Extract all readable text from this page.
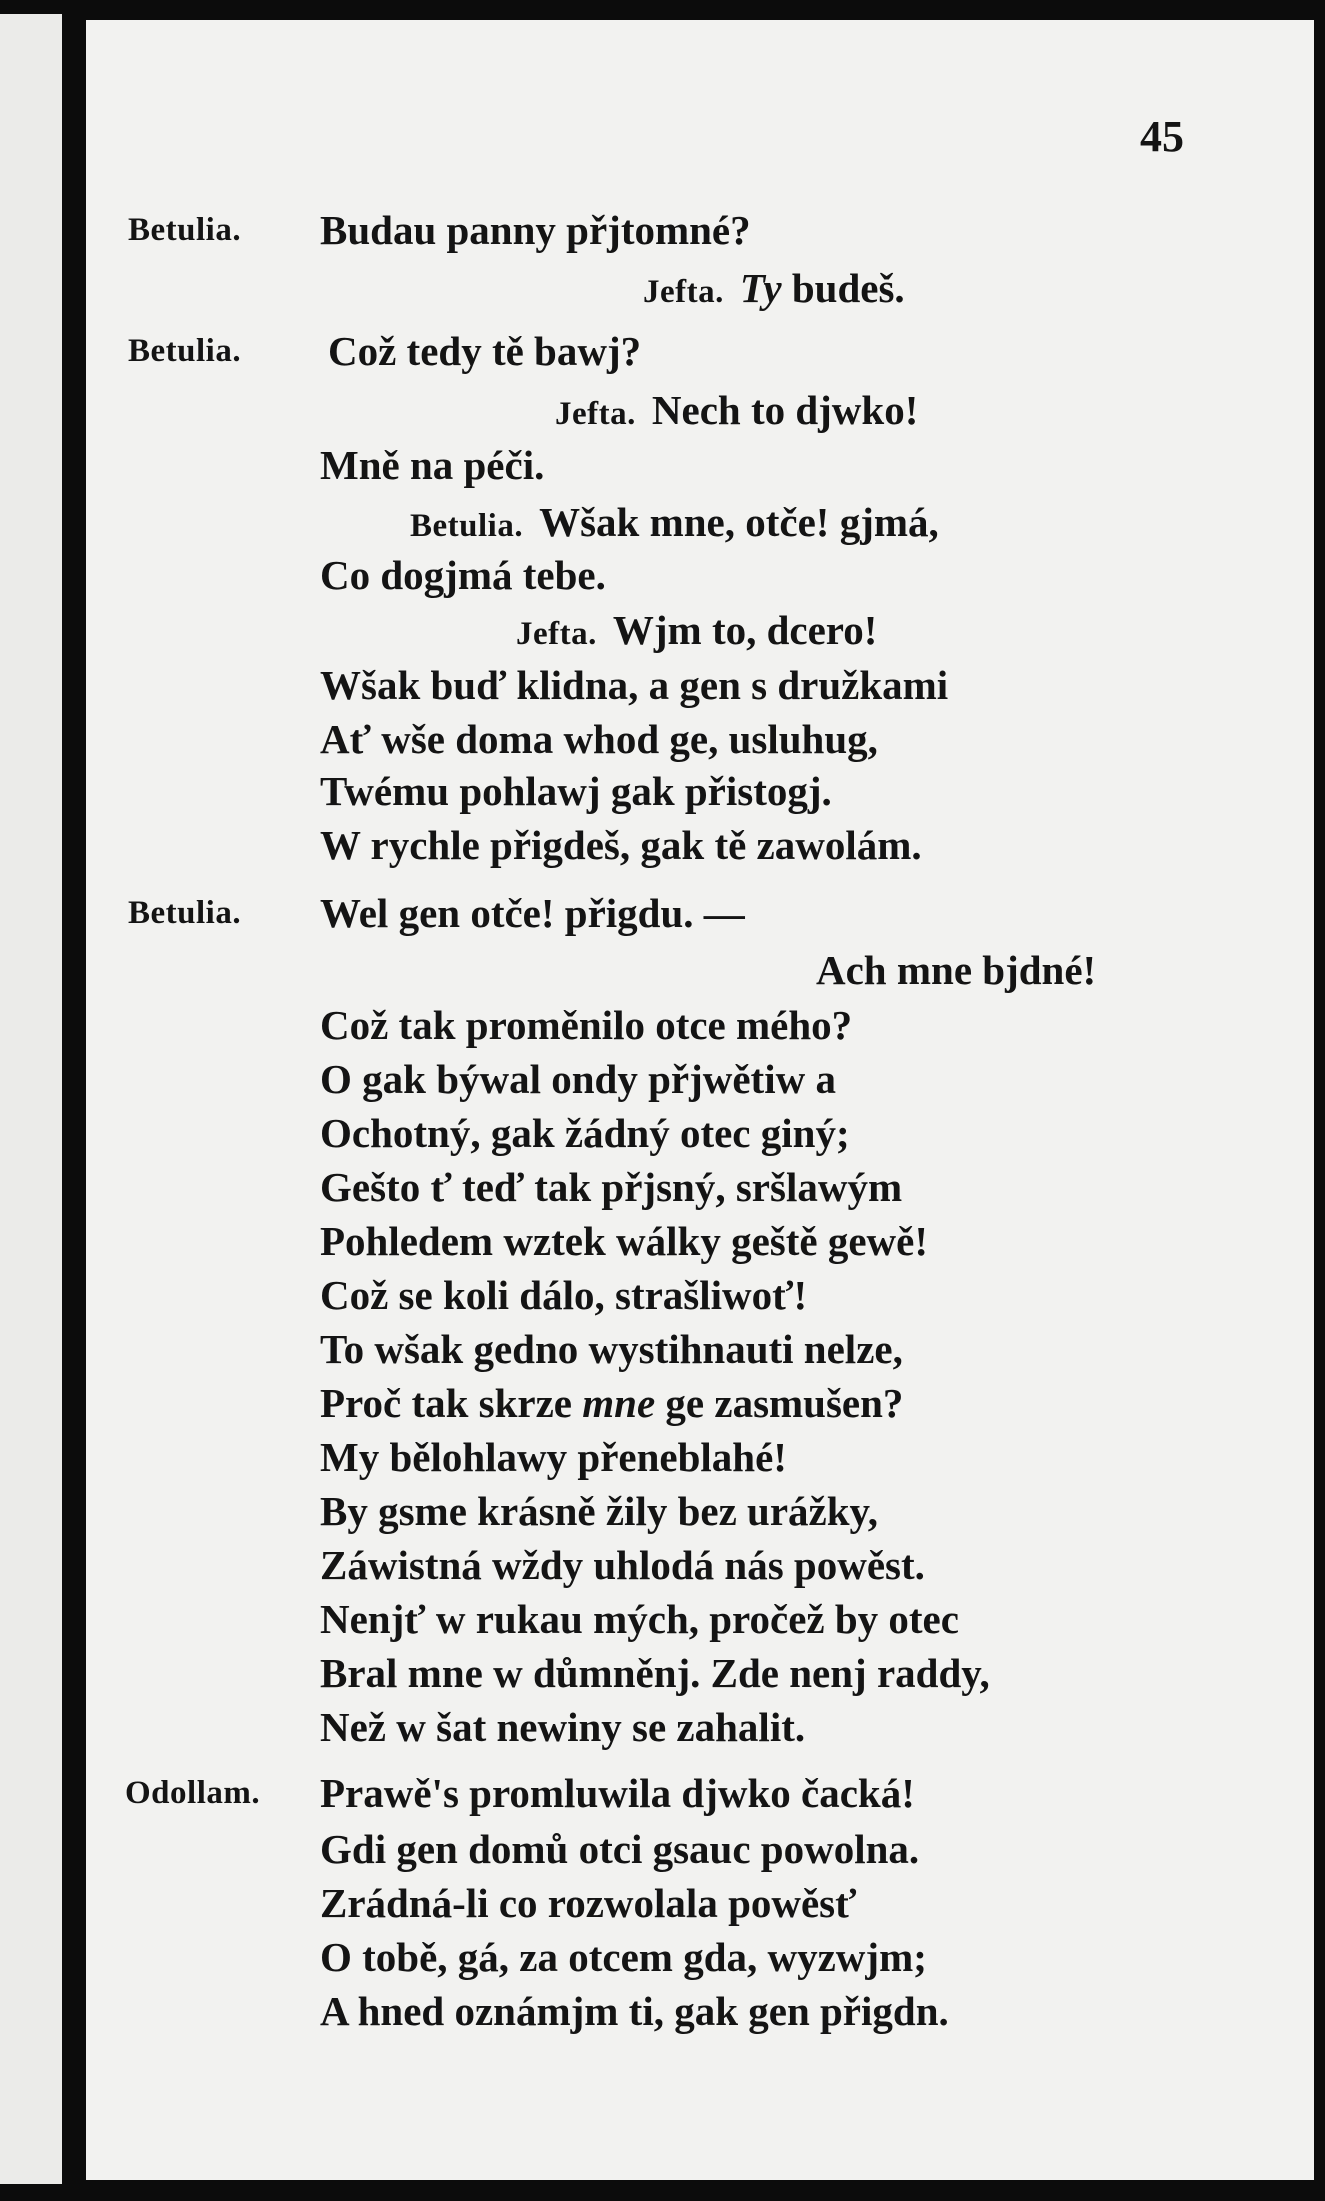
45
Betulia. Budau panny přjtomné?
Jefta. Ty budeš.
Betulia. Což tedy tě bawj?
Jefta. Nech to djwko!
Mně na péči.
Betulia. Wšak mne, otče! gjmá,
Co dogjmá tebe.
Jefta. Wjm to, dcero!
Wšak buď klidna, a gen s družkami
Ať wše doma whod ge, usluhug,
Twému pohlawj gak přistogj.
W rychle přigdeš, gak tě zawolám.
Betulia. Wel gen otče! přigdu. —
Ach mne bjdné!
Což tak proměnilo otce mého?
O gak býwal ondy přjwětiw a
Ochotný, gak žádný otec giný;
Gešto ť teď tak přjsný, sršlawým
Pohledem wztek wálky geště gewě!
Což se koli dálo, strašliwoť!
To wšak gedno wystihnauti nelze,
Proč tak skrze mne ge zasmušen?
My bělohlawy přeneblahé!
By gsme krásně žily bez urážky,
Záwistná wždy uhlodá nás powěst.
Nenjť w rukau mých, pročež by otec
Bral mne w důmněnj. Zde nenj raddy,
Než w šat newiny se zahalit.
Odollam. Prawě's promluwila djwko čacká!
Gdi gen domů otci gsauc powolna.
Zrádná-li co rozwolala powěsť
O tobě, gá, za otcem gda, wyzwjm;
A hned oznámjm ti, gak gen přigdn.
